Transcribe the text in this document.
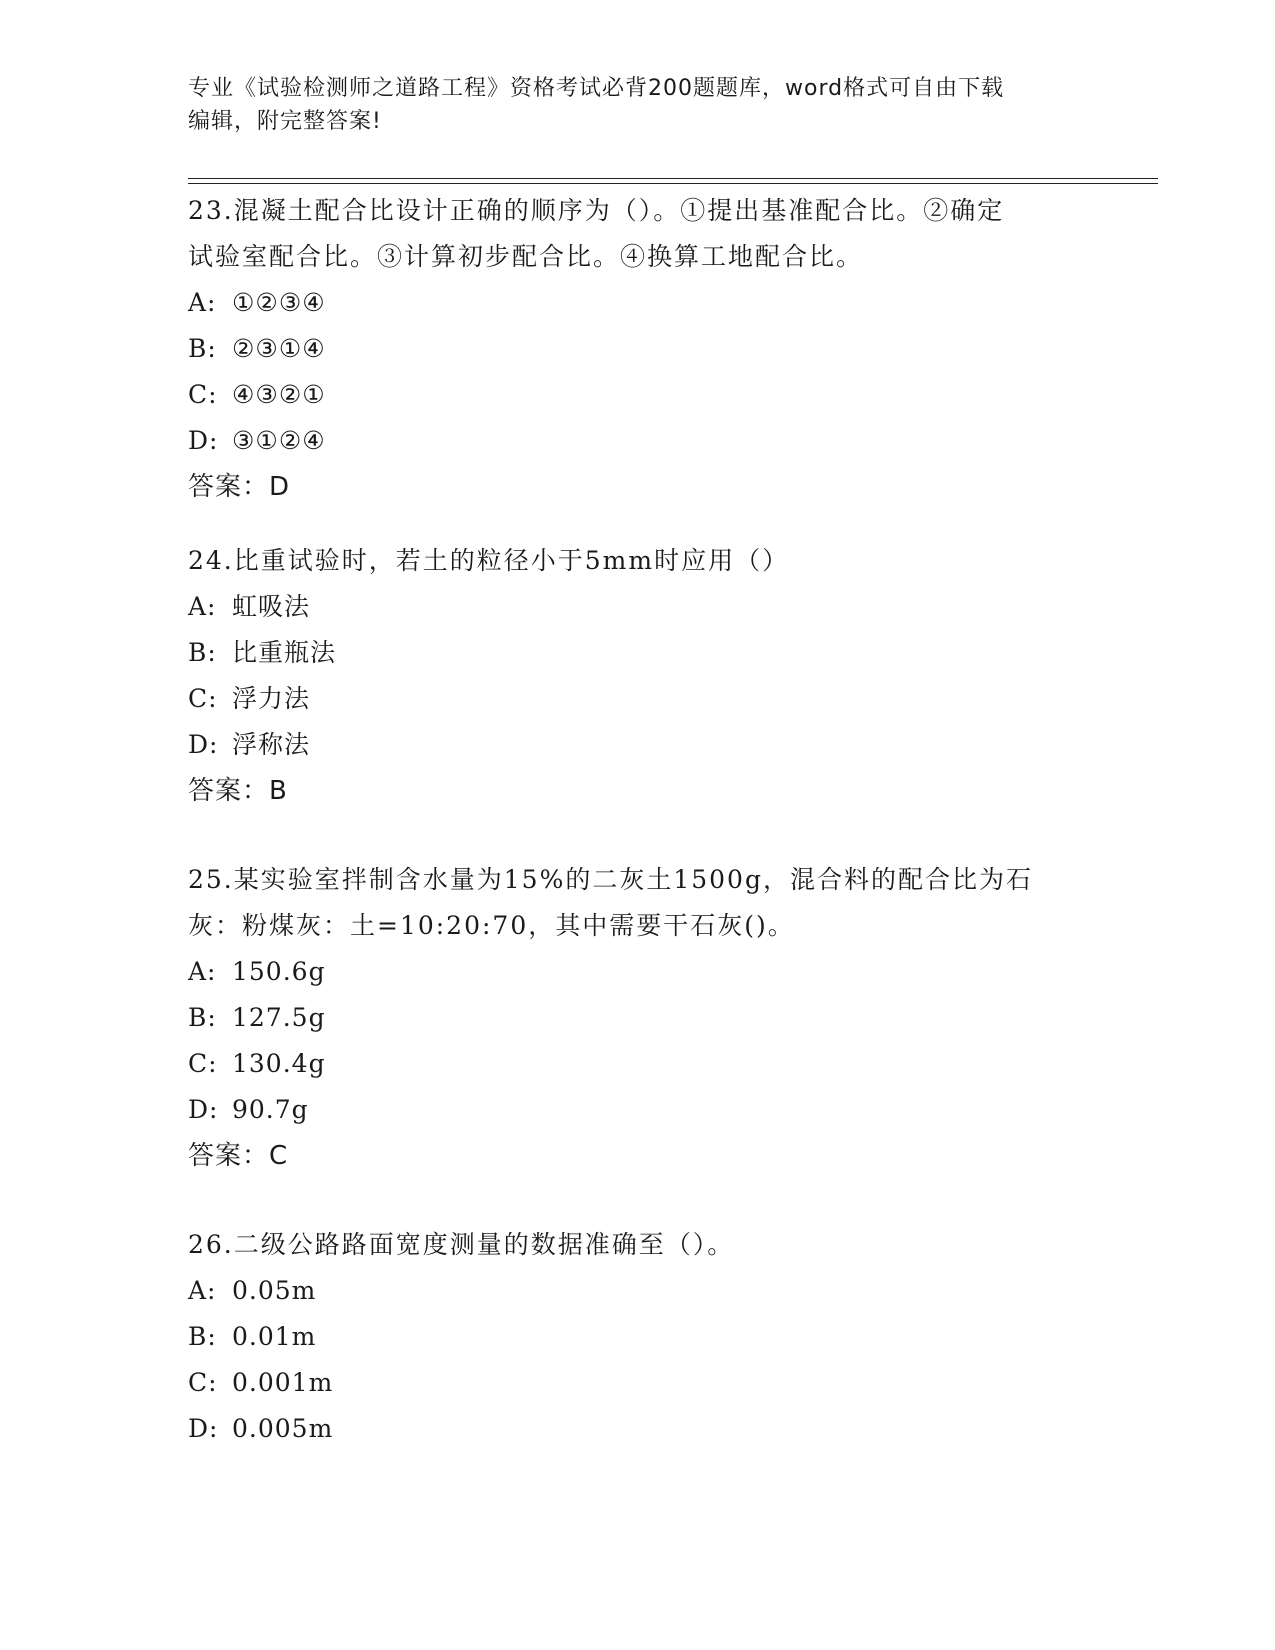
专业《试验检测师之道路工程》资格考试必背200题题库，word格式可自由下载
编辑，附完整答案!

23.混凝土配合比设计正确的顺序为（）。①提出基准配合比。②确定

试验室配合比。③计算初步配合比。④换算工地配合比。

A: ①②③④
B: ②③①④
C: ④③②①
D: ③①②④
答案：D

24.比重试验时，若土的粒径小于5mm时应用（）

A: 虹吸法
B: 比重瓶法
C: 浮力法
D: 浮称法
答案：B

25.某实验室拌制含水量为15%的二灰土1500g，混合料的配合比为石

灰：粉煤灰：土=10:20:70，其中需要干石灰()。

A: 150.6g
B: 127.5g
C: 130.4g
D: 90.7g
答案：C

26.二级公路路面宽度测量的数据准确至（）。

A: 0.05m
B: 0.01m
C: 0.001m
D: 0.005m
